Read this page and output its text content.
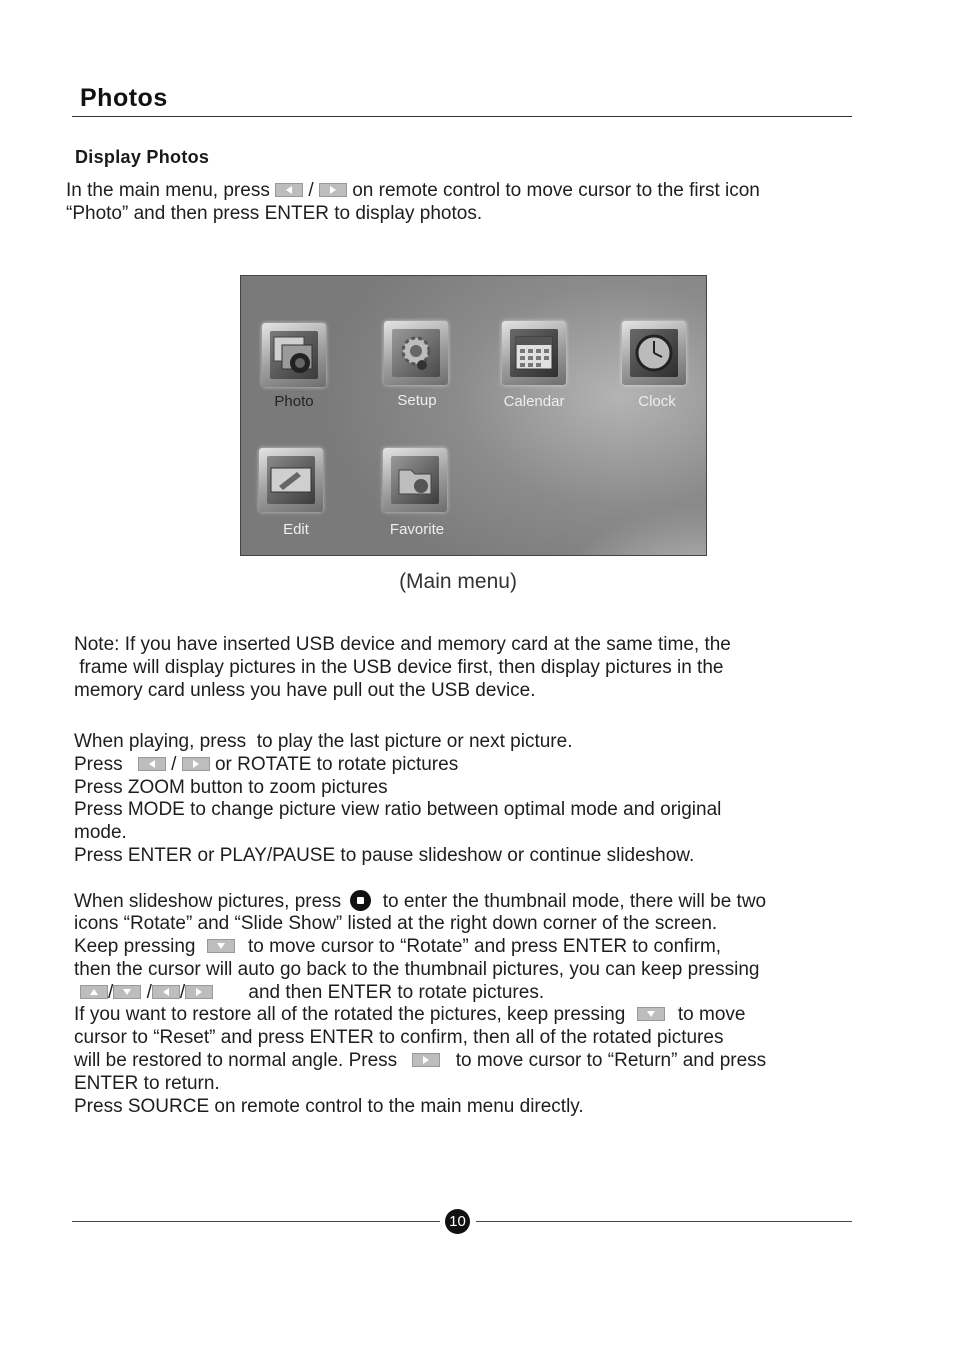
Photos
Display Photos
In the main menu, press  /  on remote control to move cursor to the first icon
“Photo” and then press ENTER to display photos.
Photo	Setup	Calendar	Clock
Edit	Favorite
(Main menu)
Note: If you have inserted USB device and memory card at the same time, the
frame will display pictures in the USB device first, then display pictures in the
memory card unless you have pull out the USB device.
When playing, press  to play the last picture or next picture.
Press  /  or ROTATE to rotate pictures
Press ZOOM button to zoom pictures
Press MODE to change picture view ratio between optimal mode and original
mode.
Press ENTER or PLAY/PAUSE to pause slideshow or continue slideshow.
When slideshow pictures, press  to enter the thumbnail mode, there will be two
icons “Rotate” and “Slide Show” listed at the right down corner of the screen.
Keep pressing  to move cursor to “Rotate” and press ENTER to confirm,
then the cursor will auto go back to the thumbnail pictures, you can keep pressing
/ / /	and then ENTER to rotate pictures.
If you want to restore all of the rotated the pictures, keep pressing  to move
cursor to “Reset” and press ENTER to confirm, then all of the rotated pictures
will be restored to normal angle. Press	to move cursor to “Return” and press
ENTER to return.
Press SOURCE on remote control to the main menu directly.
10
